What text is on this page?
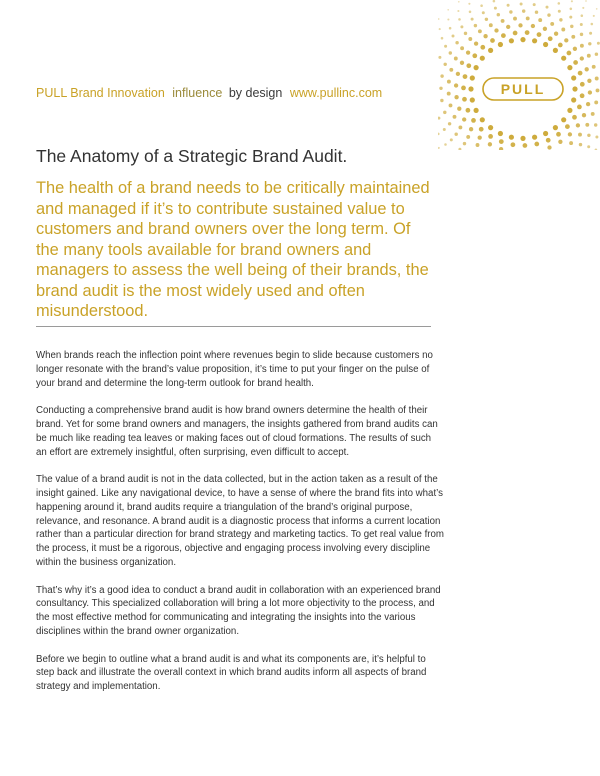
PULL Brand Innovation influence by design www.pullinc.com	PULL
The Anatomy of a Strategic Brand Audit.

The health of a brand needs to be critically maintained and managed if it’s to contribute sustained value to customers and brand owners over the long term. Of the many tools available for brand owners and managers to assess the well being of their brands, the brand audit is the most widely used and often misunderstood.

When brands reach the inflection point where revenues begin to slide because customers no longer resonate with the brand’s value proposition, it’s time to put your finger on the pulse of your brand and determine the long-term outlook for brand health.

Conducting a comprehensive brand audit is how brand owners determine the health of their brand. Yet for some brand owners and managers, the insights gathered from brand audits can be much like reading tea leaves or making faces out of cloud formations. The results of such an effort are extremely insightful, often surprising, even difficult to accept.

The value of a brand audit is not in the data collected, but in the action taken as a result of the insight gained. Like any navigational device, to have a sense of where the brand fits into what’s happening around it, brand audits require a triangulation of the brand’s original purpose, relevance, and resonance. A brand audit is a diagnostic process that informs a current location rather than a particular direction for brand strategy and marketing tactics. To get real value from the process, it must be a rigorous, objective and engaging process involving every discipline within the business organization.

That’s why it’s a good idea to conduct a brand audit in collaboration with an experienced brand consultancy. This specialized collaboration will bring a lot more objectivity to the process, and the most effective method for communicating and integrating the insights into the various disciplines within the brand owner organization.

Before we begin to outline what a brand audit is and what its components are, it’s helpful to step back and illustrate the overall context in which brand audits inform all aspects of brand strategy and implementation.
